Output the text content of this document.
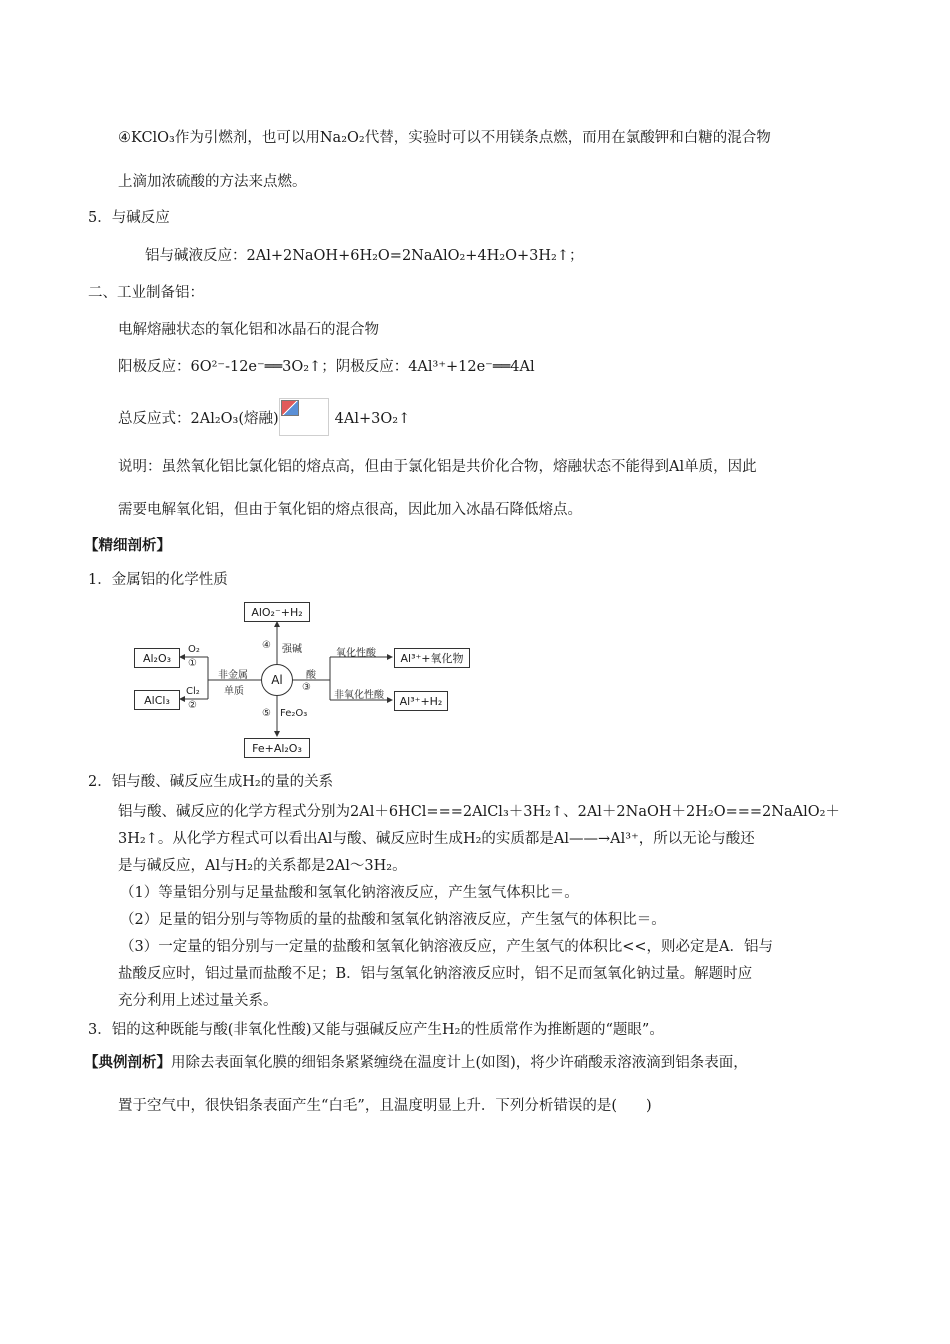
④KClO₃作为引燃剂，也可以用Na₂O₂代替，实验时可以不用镁条点燃，而用在氯酸钾和白糖的混合物
上滴加浓硫酸的方法来点燃。
5．与碱反应
铝与碱液反应：2Al+2NaOH+6H₂O=2NaAlO₂+4H₂O+3H₂↑；
二、工业制备铝：
电解熔融状态的氧化铝和冰晶石的混合物
阳极反应：6O²⁻-12e⁻══3O₂↑；阴极反应：4Al³⁺+12e⁻══4Al
总反应式：2Al₂O₃(熔融)	4Al+3O₂↑
说明：虽然氧化铝比氯化铝的熔点高，但由于氯化铝是共价化合物，熔融状态不能得到Al单质，因此
需要电解氧化铝，但由于氧化铝的熔点很高，因此加入冰晶石降低熔点。
【精细剖析】
1．金属铝的化学性质
AlO₂⁻+H₂
④ 强碱
Al₂O₃
O₂
①
AlCl₃
Cl₂
②
非金属
单质
Al	酸
③
氧化性酸	Al³⁺+氧化物
非氧化性酸	Al³⁺+H₂
⑤ Fe₂O₃
Fe+Al₂O₃
2．铝与酸、碱反应生成H₂的量的关系
铝与酸、碱反应的化学方程式分别为2Al＋6HCl===2AlCl₃＋3H₂↑、2Al＋2NaOH＋2H₂O===2NaAlO₂＋
3H₂↑。从化学方程式可以看出Al与酸、碱反应时生成H₂的实质都是Al——→Al³⁺，所以无论与酸还
是与碱反应，Al与H₂的关系都是2Al～3H₂。
（1）等量铝分别与足量盐酸和氢氧化钠溶液反应，产生氢气体积比＝。
（2）足量的铝分别与等物质的量的盐酸和氢氧化钠溶液反应，产生氢气的体积比＝。
（3）一定量的铝分别与一定量的盐酸和氢氧化钠溶液反应，产生氢气的体积比<<，则必定是A．铝与
盐酸反应时，铝过量而盐酸不足；B．铝与氢氧化钠溶液反应时，铝不足而氢氧化钠过量。解题时应
充分利用上述过量关系。
3．铝的这种既能与酸(非氧化性酸)又能与强碱反应产生H₂的性质常作为推断题的“题眼”。
【典例剖析】用除去表面氧化膜的细铝条紧紧缠绕在温度计上(如图)，将少许硝酸汞溶液滴到铝条表面，
置于空气中，很快铝条表面产生“白毛”，且温度明显上升．下列分析错误的是(　　)
